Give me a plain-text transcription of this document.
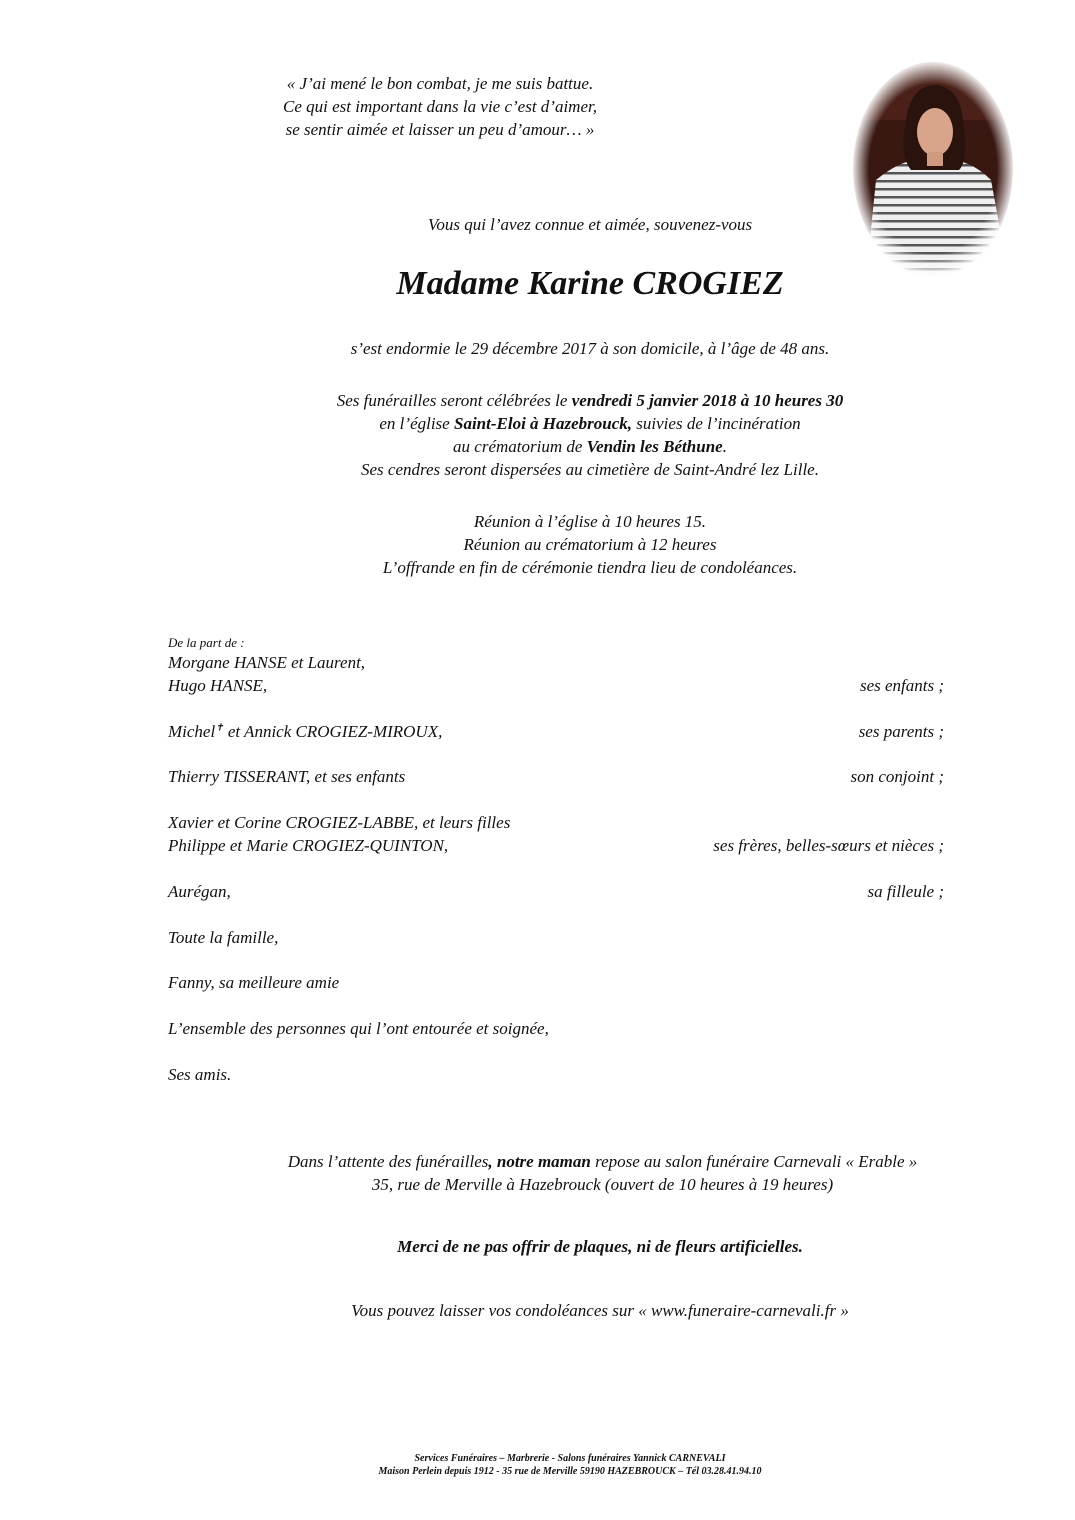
« J’ai mené le bon combat, je me suis battue.
Ce qui est important dans la vie c’est d’aimer,
se sentir aimée et laisser un peu d’amour… »
Vous qui l’avez connue et aimée, souvenez-vous
Madame Karine CROGIEZ
s’est endormie le 29 décembre 2017 à son domicile, à l’âge de 48 ans.
Ses funérailles seront célébrées le vendredi 5 janvier 2018 à 10 heures 30
en l’église Saint-Eloi à Hazebrouck, suivies de l’incinération
au crématorium de Vendin les Béthune.
Ses cendres seront dispersées au cimetière de Saint-André lez Lille.
Réunion à l’église à 10 heures 15.
Réunion au crématorium à 12 heures
L’offrande en fin de cérémonie tiendra lieu de condoléances.
De la part de :
Morgane HANSE et Laurent,
Hugo HANSE,	ses enfants ;
Michel✝ et Annick CROGIEZ-MIROUX,	ses parents ;
Thierry TISSERANT, et ses enfants	son conjoint ;
Xavier et Corine CROGIEZ-LABBE, et leurs filles
Philippe et Marie CROGIEZ-QUINTON,	ses frères, belles-sœurs et nièces ;
Aurégan,	sa filleule ;
Toute la famille,
Fanny, sa meilleure amie
L’ensemble des personnes qui l’ont entourée et soignée,
Ses amis.
Dans l’attente des funérailles, notre maman repose au salon funéraire Carnevali « Erable »
35, rue de Merville à Hazebrouck (ouvert de 10 heures à 19 heures)
Merci de ne pas offrir de plaques, ni de fleurs artificielles.
Vous pouvez laisser vos condoléances sur « www.funeraire-carnevali.fr »
Services Funéraires – Marbrerie - Salons funéraires Yannick CARNEVALI
Maison Perlein depuis 1912 - 35 rue de Merville 59190 HAZEBROUCK – Tél 03.28.41.94.10
